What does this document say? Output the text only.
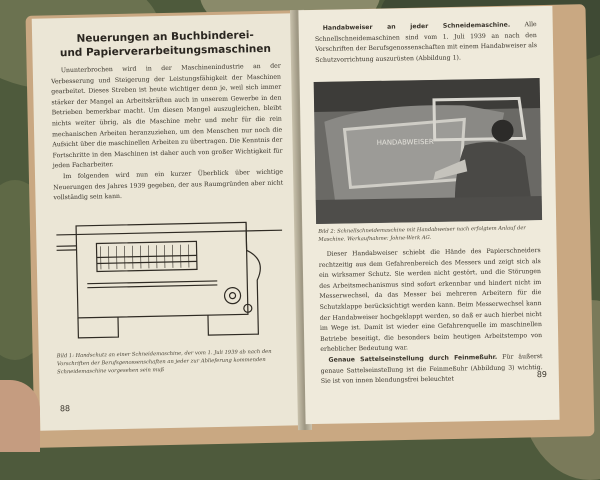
Neuerungen an Buchbinderei-
und Papierverarbeitungsmaschinen
Ununterbrochen wird in der Maschinenindustrie an der Verbesserung und Steigerung der Leistungsfähigkeit der Maschinen gearbeitet. Dieses Streben ist heute wichtiger denn je, weil sich immer stärker der Mangel an Arbeitskräften auch in unserem Gewerbe in den Betrieben bemerkbar macht. Um diesen Mangel auszugleichen, bleibt nichts weiter übrig, als die Maschine mehr und mehr für die rein mechanischen Arbeiten heranzuziehen, um den Menschen nur noch die Aufsicht über die maschinellen Arbeiten zu übertragen. Die Kenntnis der Fortschritte in den Maschinen ist daher auch von großer Wichtigkeit für jeden Facharbeiter.
Im folgenden wird nun ein kurzer Überblick über wichtige Neuerungen des Jahres 1939 gegeben, der aus Raumgründen aber nicht vollständig sein kann.
Bild 1: Handschutz an einer Schneidemaschine, der vom 1. Juli 1939 ab nach den Vorschriften der Berufsgenossenschaften an jeder zur Ablieferung kommenden Schneidemaschine vorgesehen sein muß
88
Handabweiser an jeder Schneidemaschine. Alle Schnellschneidemaschinen sind vom 1. Juli 1939 an nach den Vorschriften der Berufsgenossenschaften mit einem Handabweiser als Schutzvorrichtung auszurüsten (Abbildung 1).
HANDABWEISER
Bild 2: Schnellschneidemaschine mit Handabweiser nach erfolgtem Anlauf der Maschine. Werkaufnahme: Johne-Werk AG.
Dieser Handabweiser schiebt die Hände des Papierschneiders rechtzeitig aus dem Gefahrenbereich des Messers und zeigt sich als ein wirksamer Schutz. Sie werden nicht gestört, und die Störungen des Arbeitsmechanismus sind sofort erkennbar und hindert nicht im Messerwechsel, da das Messer bei mehreren Arbeitern für die Schutzklappe berücksichtigt werden kann. Beim Messerwechsel kann der Handabweiser hochgeklappt werden, so daß er auch hierbei nicht im Wege ist. Damit ist wieder eine Gefahrenquelle im maschinellen Betriebe beseitigt, die besonders beim heutigen Arbeitstempo von erheblicher Bedeutung war.
Genaue Sattelseinstellung durch Feinmeßuhr. Für äußerst genaue Sattelseinstellung ist die Feinmeßuhr (Abbildung 3) wichtig. Sie ist von innen blendungsfrei beleuchtet
89
